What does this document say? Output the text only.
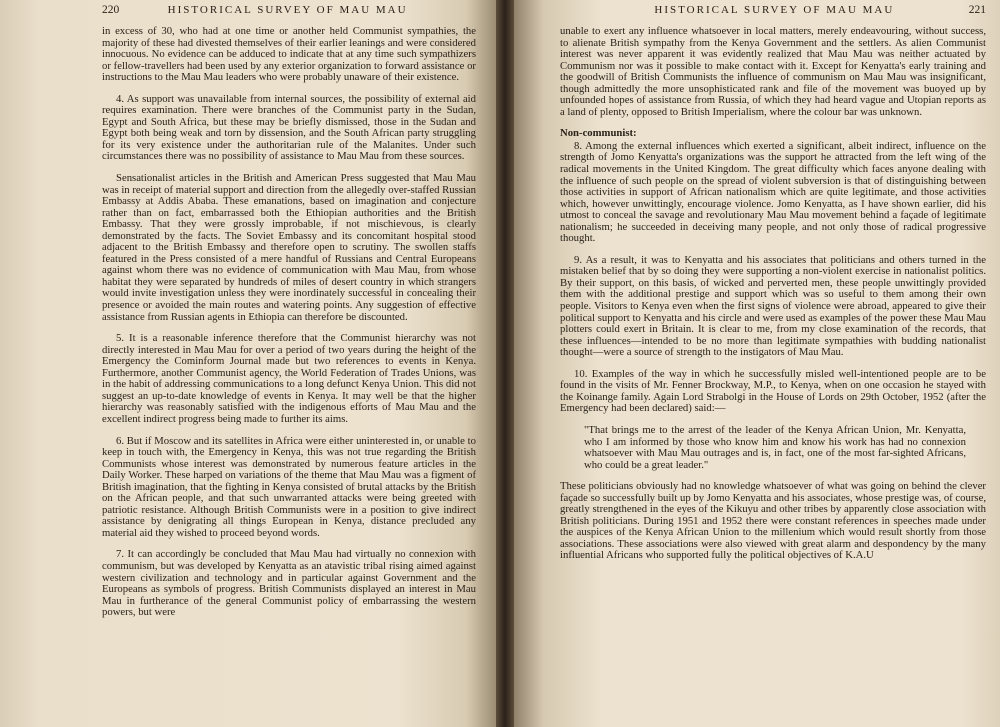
220	HISTORICAL SURVEY OF MAU MAU

in excess of 30, who had at one time or another held Communist sympathies, the majority of these had divested themselves of their earlier leanings and were considered innocuous. No evidence can be adduced to indicate that at any time such sympathizers or fellow-travellers had been used by any exterior organization to forward assistance or instructions to the Mau Mau leaders who were probably unaware of their existence.

4. As support was unavailable from internal sources, the possibility of external aid requires examination. There were branches of the Communist party in the Sudan, Egypt and South Africa, but these may be briefly dismissed, those in the Sudan and Egypt both being weak and torn by dissension, and the South African party struggling for its very existence under the authoritarian rule of the Malanites. Under such circumstances there was no possibility of assistance to Mau Mau from these sources.

Sensationalist articles in the British and American Press suggested that Mau Mau was in receipt of material support and direction from the allegedly over-staffed Russian Embassy at Addis Ababa. These emanations, based on imagination and conjecture rather than on fact, embarrassed both the Ethiopian authorities and the British Embassy. That they were grossly improbable, if not mischievous, is clearly demonstrated by the facts. The Soviet Embassy and its concomitant hospital stood adjacent to the British Embassy and therefore open to scrutiny. The swollen staffs featured in the Press consisted of a mere handful of Russians and Central Europeans against whom there was no evidence of communication with Mau Mau, from whose habitat they were separated by hundreds of miles of desert country in which strangers would invite investigation unless they were inordinately successful in concealing their presence or avoided the main routes and watering points. Any suggestion of effective assistance from Russian agents in Ethiopia can therefore be discounted.

5. It is a reasonable inference therefore that the Communist hierarchy was not directly interested in Mau Mau for over a period of two years during the height of the Emergency the Cominform Journal made but two references to events in Kenya. Furthermore, another Communist agency, the World Federation of Trades Unions, was in the habit of addressing communications to a long defunct Kenya Union. This did not suggest an up-to-date knowledge of events in Kenya. It may well be that the higher hierarchy was reasonably satisfied with the indigenous efforts of Mau Mau and the excellent indirect progress being made to further its aims.

6. But if Moscow and its satellites in Africa were either uninterested in, or unable to keep in touch with, the Emergency in Kenya, this was not true regarding the British Communists whose interest was demonstrated by numerous feature articles in the Daily Worker. These harped on variations of the theme that Mau Mau was a figment of British imagination, that the fighting in Kenya consisted of brutal attacks by the British on the African people, and that such unwarranted attacks were being greeted with patriotic resistance. Although British Communists were in a position to give indirect assistance by denigrating all things European in Kenya, distance precluded any material aid they wished to proceed beyond words.

7. It can accordingly be concluded that Mau Mau had virtually no connexion with communism, but was developed by Kenyatta as an atavistic tribal rising aimed against western civilization and technology and in particular against Government and the Europeans as symbols of progress. British Communists displayed an interest in Mau Mau in furtherance of the general Communist policy of embarrassing the western powers, but were

HISTORICAL SURVEY OF MAU MAU	221

unable to exert any influence whatsoever in local matters, merely endeavouring, without success, to alienate British sympathy from the Kenya Government and the settlers. As alien Communist interest was never apparent it was evidently realized that Mau Mau was neither actuated by Communism nor was it possible to make contact with it. Except for Kenyatta's early training and the goodwill of British Communists the influence of communism on Mau Mau was insignificant, though admittedly the more unsophisticated rank and file of the movement was buoyed up by unfounded hopes of assistance from Russia, of which they had heard vague and Utopian reports as a land of plenty, opposed to British Imperialism, where the colour bar was unknown.

Non-communist:

8. Among the external influences which exerted a significant, albeit indirect, influence on the strength of Jomo Kenyatta's organizations was the support he attracted from the left wing of the radical movements in the United Kingdom. The great difficulty which faces anyone dealing with the influence of such people on the spread of violent subversion is that of distinguishing between those activities in support of African nationalism which are quite legitimate, and those activities which, however unwittingly, encourage violence. Jomo Kenyatta, as I have shown earlier, did his utmost to conceal the savage and revolutionary Mau Mau movement behind a façade of legitimate nationalism; he succeeded in deceiving many people, and not only those of radical progressive thought.

9. As a result, it was to Kenyatta and his associates that politicians and others turned in the mistaken belief that by so doing they were supporting a non-violent exercise in nationalist politics. By their support, on this basis, of wicked and perverted men, these people unwittingly provided them with the additional prestige and support which was so useful to them among their own people. Visitors to Kenya even when the first signs of violence were abroad, appeared to give their political support to Kenyatta and his circle and were used as examples of the power these Mau Mau plotters could exert in Britain. It is clear to me, from my close examination of the records, that these influences—intended to be no more than legitimate sympathies with budding nationalist thought—were a source of strength to the instigators of Mau Mau.

10. Examples of the way in which he successfully misled well-intentioned people are to be found in the visits of Mr. Fenner Brockway, M.P., to Kenya, when on one occasion he stayed with the Koinange family. Again Lord Strabolgi in the House of Lords on 29th October, 1952 (after the Emergency had been declared) said:—

"That brings me to the arrest of the leader of the Kenya African Union, Mr. Kenyatta, who I am informed by those who know him and know his work has had no connexion whatsoever with Mau Mau outrages and is, in fact, one of the most far-sighted Africans, who could be a great leader."

These politicians obviously had no knowledge whatsoever of what was going on behind the clever façade so successfully built up by Jomo Kenyatta and his associates, whose prestige was, of course, greatly strengthened in the eyes of the Kikuyu and other tribes by apparently close association with British politicians. During 1951 and 1952 there were constant references in speeches made under the auspices of the Kenya African Union to the millenium which would result shortly from those associations. These associations were also viewed with great alarm and despondency by the many influential Africans who supported fully the political objectives of K.A.U
